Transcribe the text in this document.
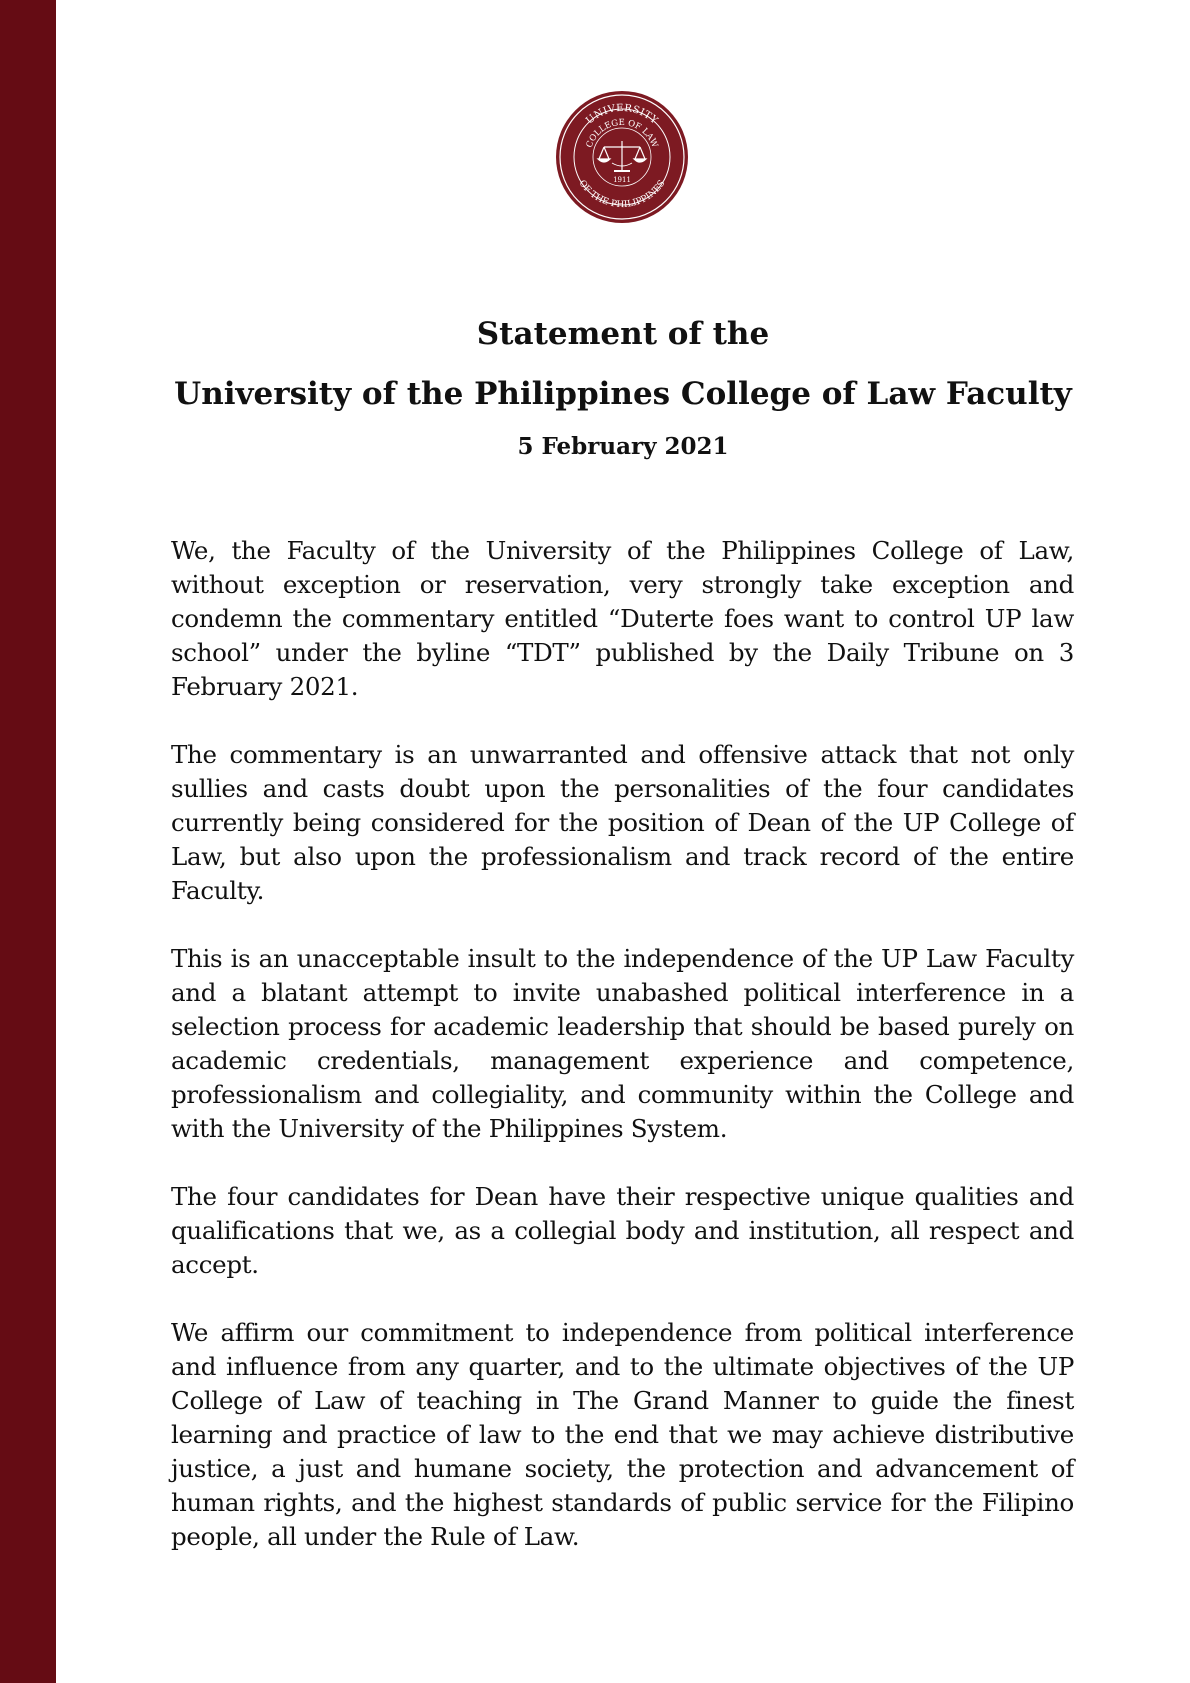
UNIVERSITY
COLLEGE OF LAW
OF THE PHILIPPINES
1911
Statement of the
University of the Philippines College of Law Faculty
5 February 2021

We, the Faculty of the University of the Philippines College of Law, without exception or reservation, very strongly take exception and condemn the commentary entitled “Duterte foes want to control UP law school” under the byline “TDT” published by the Daily Tribune on 3 February 2021.

The commentary is an unwarranted and offensive attack that not only sullies and casts doubt upon the personalities of the four candidates currently being considered for the position of Dean of the UP College of Law, but also upon the professionalism and track record of the entire Faculty.

This is an unacceptable insult to the independence of the UP Law Faculty and a blatant attempt to invite unabashed political interference in a selection process for academic leadership that should be based purely on academic credentials, management experience and competence, professionalism and collegiality, and community within the College and with the University of the Philippines System.

The four candidates for Dean have their respective unique qualities and qualifications that we, as a collegial body and institution, all respect and accept.

We affirm our commitment to independence from political interference and influence from any quarter, and to the ultimate objectives of the UP College of Law of teaching in The Grand Manner to guide the finest learning and practice of law to the end that we may achieve distributive justice, a just and humane society, the protection and advancement of human rights, and the highest standards of public service for the Filipino people, all under the Rule of Law.
